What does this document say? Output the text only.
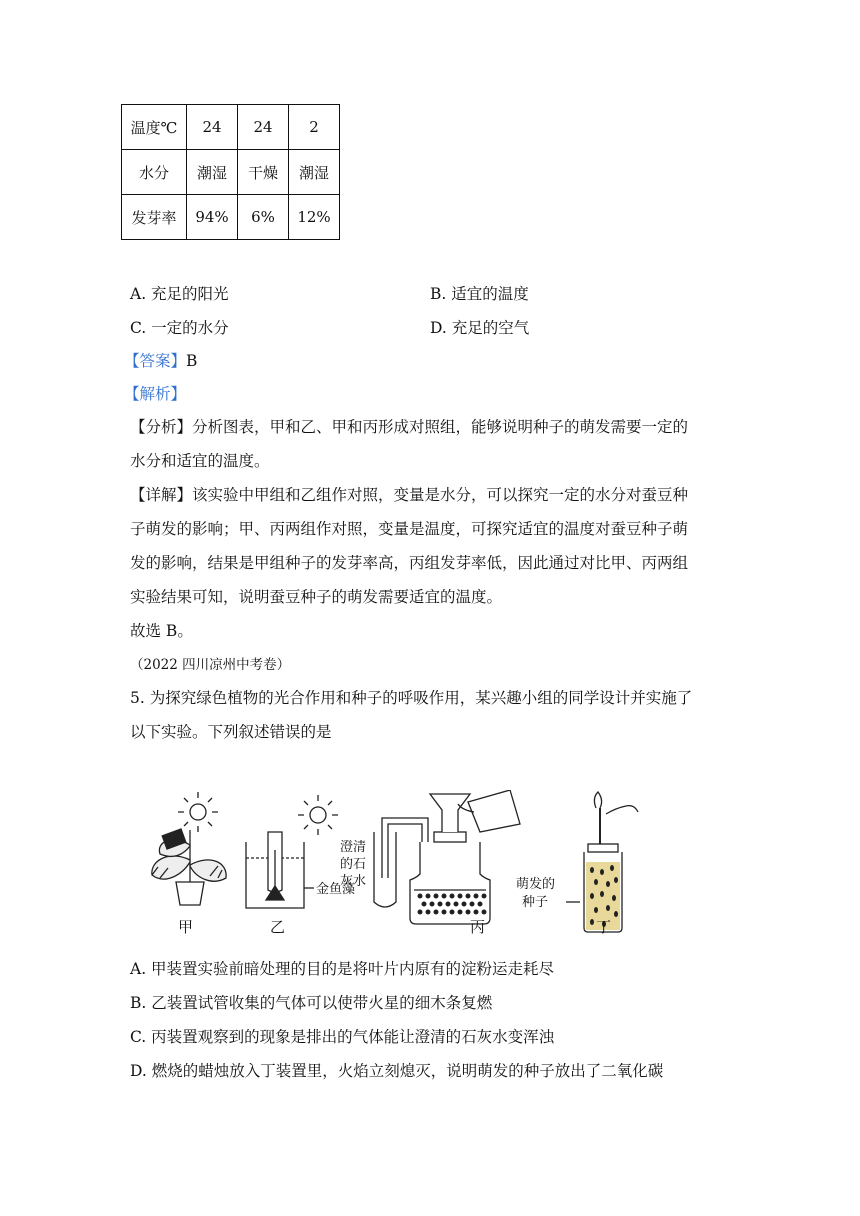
温度℃	24	24	2
水分	潮湿	干燥	潮湿
发芽率	94%	6%	12%
A. 充足的阳光	B. 适宜的温度
C. 一定的水分	D. 充足的空气
【答案】B
【解析】
【分析】分析图表，甲和乙、甲和丙形成对照组，能够说明种子的萌发需要一定的
水分和适宜的温度。
【详解】该实验中甲组和乙组作对照，变量是水分，可以探究一定的水分对蚕豆种
子萌发的影响；甲、丙两组作对照，变量是温度，可探究适宜的温度对蚕豆种子萌
发的影响，结果是甲组种子的发芽率高，丙组发芽率低，因此通过对比甲、丙两组
实验结果可知，说明蚕豆种子的萌发需要适宜的温度。
故选 B。
（2022 四川凉州中考卷）
5. 为探究绿色植物的光合作用和种子的呼吸作用，某兴趣小组的同学设计并实施了
以下实验。下列叙述错误的是
甲
金鱼藻
乙
澄清
的石
灰水
丙
萌发的
种子
丁
A. 甲装置实验前暗处理的目的是将叶片内原有的淀粉运走耗尽
B. 乙装置试管收集的气体可以使带火星的细木条复燃
C. 丙装置观察到的现象是排出的气体能让澄清的石灰水变浑浊
D. 燃烧的蜡烛放入丁装置里，火焰立刻熄灭，说明萌发的种子放出了二氧化碳
